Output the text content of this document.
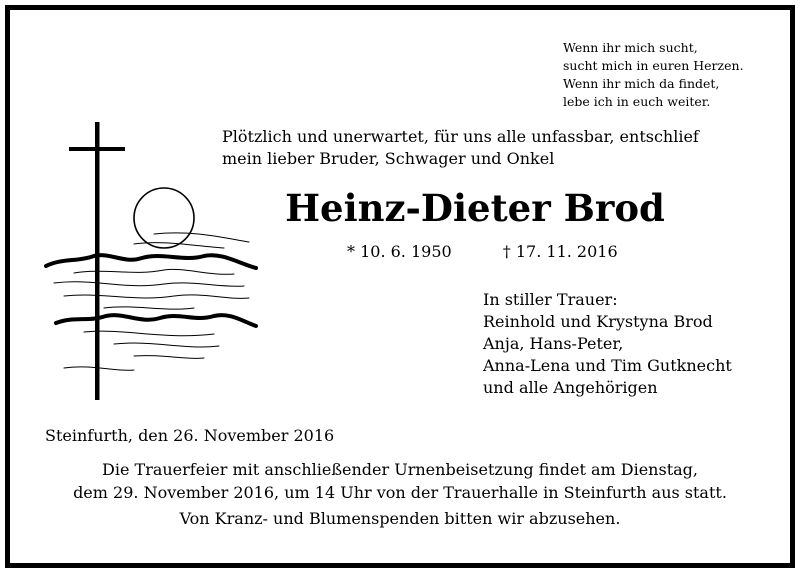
Wenn ihr mich sucht,
sucht mich in euren Herzen.
Wenn ihr mich da findet,
lebe ich in euch weiter.
Plötzlich und unerwartet, für uns alle unfassbar, entschlief
mein lieber Bruder, Schwager und Onkel
Heinz-Dieter Brod
* 10. 6. 1950	† 17. 11. 2016
In stiller Trauer:
Reinhold und Krystyna Brod
Anja, Hans-Peter,
Anna-Lena und Tim Gutknecht
und alle Angehörigen
Steinfurth, den 26. November 2016
Die Trauerfeier mit anschließender Urnenbeisetzung findet am Dienstag,
dem 29. November 2016, um 14 Uhr von der Trauerhalle in Steinfurth aus statt.
Von Kranz- und Blumenspenden bitten wir abzusehen.
